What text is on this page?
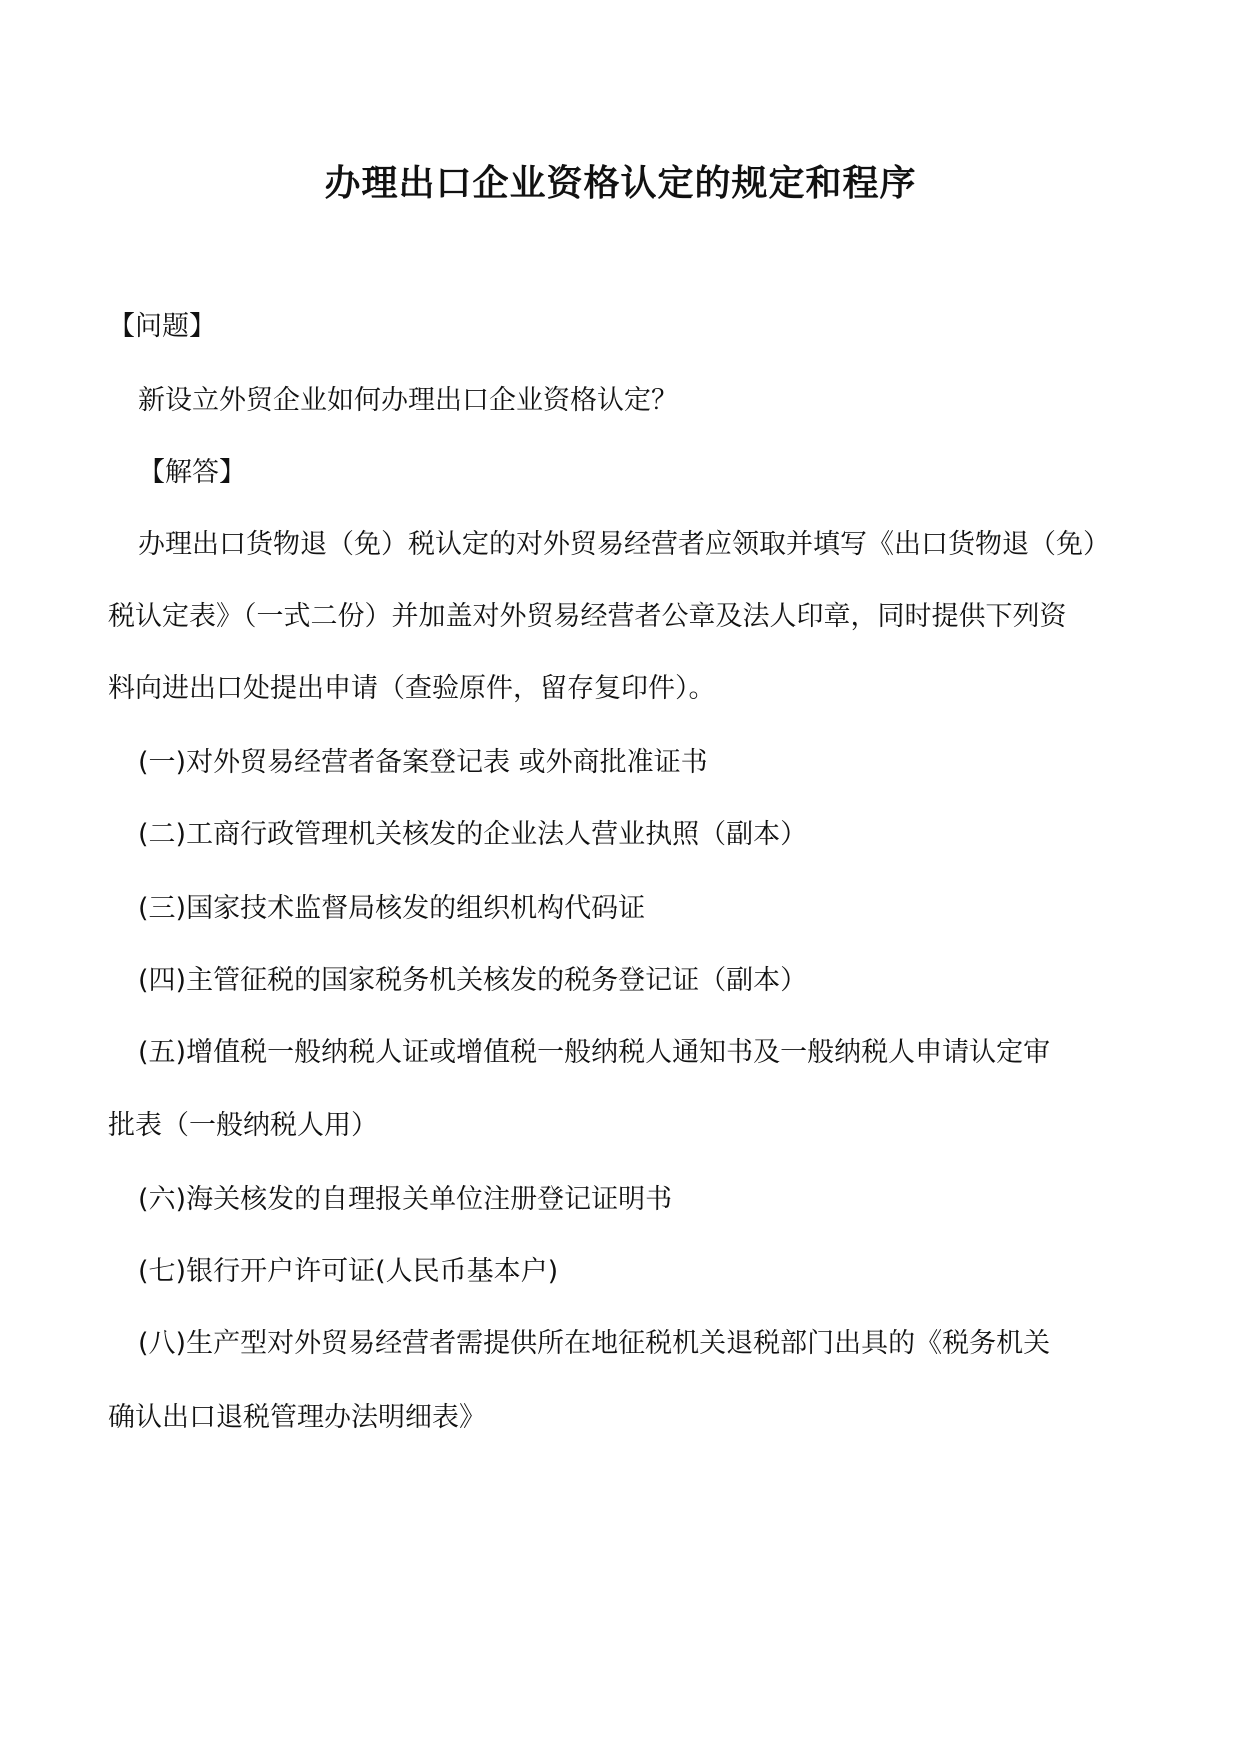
办理出口企业资格认定的规定和程序
【问题】
新设立外贸企业如何办理出口企业资格认定？
【解答】
办理出口货物退（免）税认定的对外贸易经营者应领取并填写《出口货物退（免）
税认定表》（一式二份）并加盖对外贸易经营者公章及法人印章，同时提供下列资
料向进出口处提出申请（查验原件，留存复印件）。
(一)对外贸易经营者备案登记表 或外商批准证书
(二)工商行政管理机关核发的企业法人营业执照（副本）
(三)国家技术监督局核发的组织机构代码证
(四)主管征税的国家税务机关核发的税务登记证（副本）
(五)增值税一般纳税人证或增值税一般纳税人通知书及一般纳税人申请认定审
批表（一般纳税人用）
(六)海关核发的自理报关单位注册登记证明书
(七)银行开户许可证(人民币基本户)
(八)生产型对外贸易经营者需提供所在地征税机关退税部门出具的《税务机关
确认出口退税管理办法明细表》
